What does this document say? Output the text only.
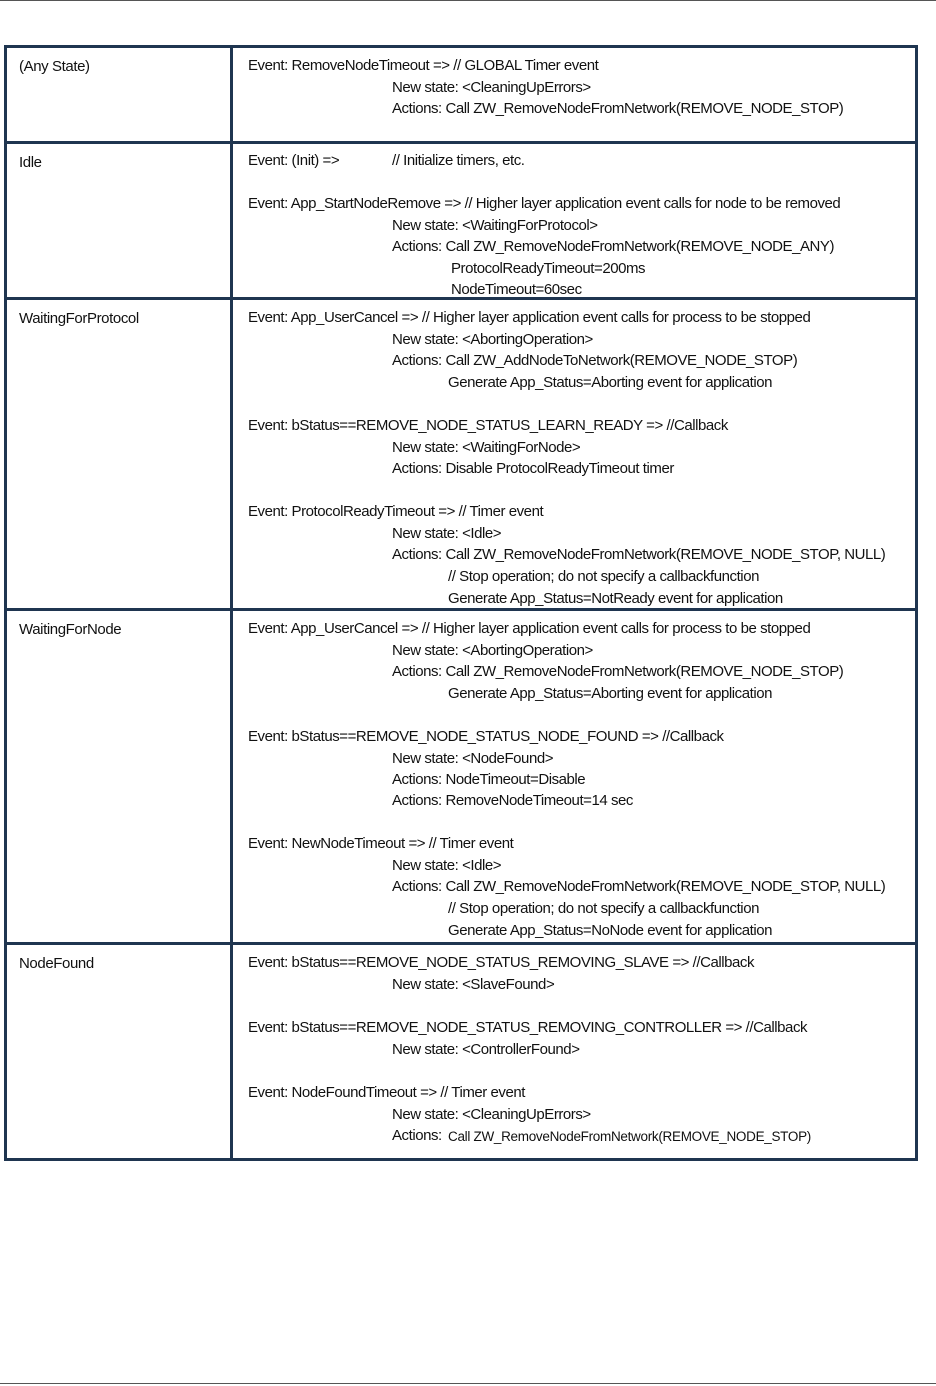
(Any State)	Event: RemoveNodeTimeout => // GLOBAL Timer event
New state: <CleaningUpErrors>
Actions: Call ZW_RemoveNodeFromNetwork(REMOVE_NODE_STOP)
Idle	Event: (Init) =>	// Initialize timers, etc.
Event: App_StartNodeRemove => // Higher layer application event calls for node to be removed
New state: <WaitingForProtocol>
Actions: Call ZW_RemoveNodeFromNetwork(REMOVE_NODE_ANY)
ProtocolReadyTimeout=200ms
NodeTimeout=60sec
WaitingForProtocol	Event: App_UserCancel => // Higher layer application event calls for process to be stopped
New state: <AbortingOperation>
Actions: Call ZW_AddNodeToNetwork(REMOVE_NODE_STOP)
Generate App_Status=Aborting event for application
Event: bStatus==REMOVE_NODE_STATUS_LEARN_READY => //Callback
New state: <WaitingForNode>
Actions: Disable ProtocolReadyTimeout timer
Event: ProtocolReadyTimeout => // Timer event
New state: <Idle>
Actions: Call ZW_RemoveNodeFromNetwork(REMOVE_NODE_STOP, NULL)
// Stop operation; do not specify a callbackfunction
Generate App_Status=NotReady event for application
WaitingForNode	Event: App_UserCancel => // Higher layer application event calls for process to be stopped
New state: <AbortingOperation>
Actions: Call ZW_RemoveNodeFromNetwork(REMOVE_NODE_STOP)
Generate App_Status=Aborting event for application
Event: bStatus==REMOVE_NODE_STATUS_NODE_FOUND => //Callback
New state: <NodeFound>
Actions: NodeTimeout=Disable
Actions: RemoveNodeTimeout=14 sec
Event: NewNodeTimeout => // Timer event
New state: <Idle>
Actions: Call ZW_RemoveNodeFromNetwork(REMOVE_NODE_STOP, NULL)
// Stop operation; do not specify a callbackfunction
Generate App_Status=NoNode event for application
NodeFound	Event: bStatus==REMOVE_NODE_STATUS_REMOVING_SLAVE => //Callback
New state: <SlaveFound>
Event: bStatus==REMOVE_NODE_STATUS_REMOVING_CONTROLLER => //Callback
New state: <ControllerFound>
Event: NodeFoundTimeout => // Timer event
New state: <CleaningUpErrors>
Actions: Call ZW_RemoveNodeFromNetwork(REMOVE_NODE_STOP)
